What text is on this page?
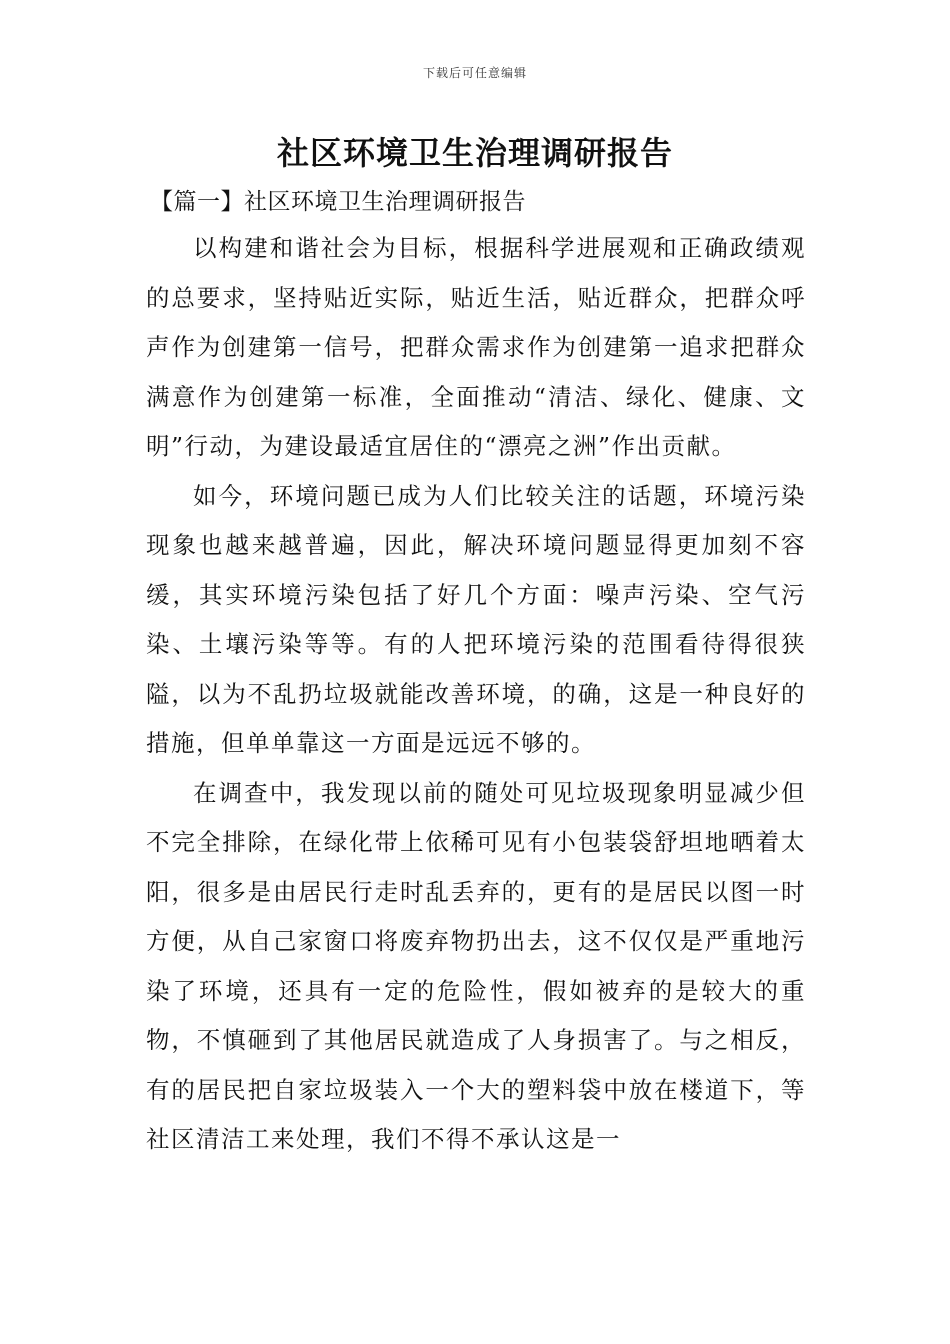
下载后可任意编辑
社区环境卫生治理调研报告
【篇一】社区环境卫生治理调研报告

以构建和谐社会为目标，根据科学进展观和正确政绩观的总要求，坚持贴近实际，贴近生活，贴近群众，把群众呼声作为创建第一信号，把群众需求作为创建第一追求把群众满意作为创建第一标准，全面推动“清洁、绿化、健康、文明”行动，为建设最适宜居住的“漂亮之洲”作出贡献。

如今，环境问题已成为人们比较关注的话题，环境污染现象也越来越普遍，因此，解决环境问题显得更加刻不容缓，其实环境污染包括了好几个方面：噪声污染、空气污染、土壤污染等等。有的人把环境污染的范围看待得很狭隘，以为不乱扔垃圾就能改善环境，的确，这是一种良好的措施，但单单靠这一方面是远远不够的。

在调查中，我发现以前的随处可见垃圾现象明显减少但不完全排除，在绿化带上依稀可见有小包装袋舒坦地晒着太阳，很多是由居民行走时乱丢弃的，更有的是居民以图一时方便，从自己家窗口将废弃物扔出去，这不仅仅是严重地污染了环境，还具有一定的危险性，假如被弃的是较大的重物，不慎砸到了其他居民就造成了人身损害了。与之相反，有的居民把自家垃圾装入一个大的塑料袋中放在楼道下，等社区清洁工来处理，我们不得不承认这是一
